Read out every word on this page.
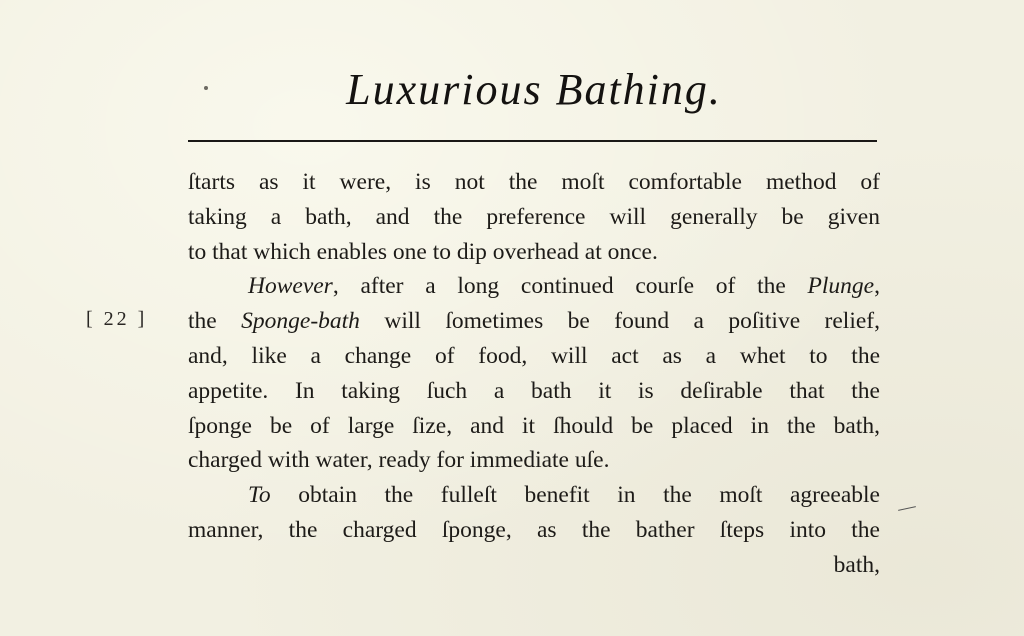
Luxurious Bathing.
[ 22 ]
ſtarts as it were, is not the moſt comfortable method of
taking a bath, and the preference will generally be given
to that which enables one to dip overhead at once.
However, after a long continued courſe of the Plunge,
the Sponge-bath will ſometimes be found a poſitive relief,
and, like a change of food, will act as a whet to the
appetite. In taking ſuch a bath it is deſirable that the
ſponge be of large ſize, and it ſhould be placed in the bath,
charged with water, ready for immediate uſe.
To obtain the fulleſt benefit in the moſt agreeable
manner, the charged ſponge, as the bather ſteps into the
bath,
